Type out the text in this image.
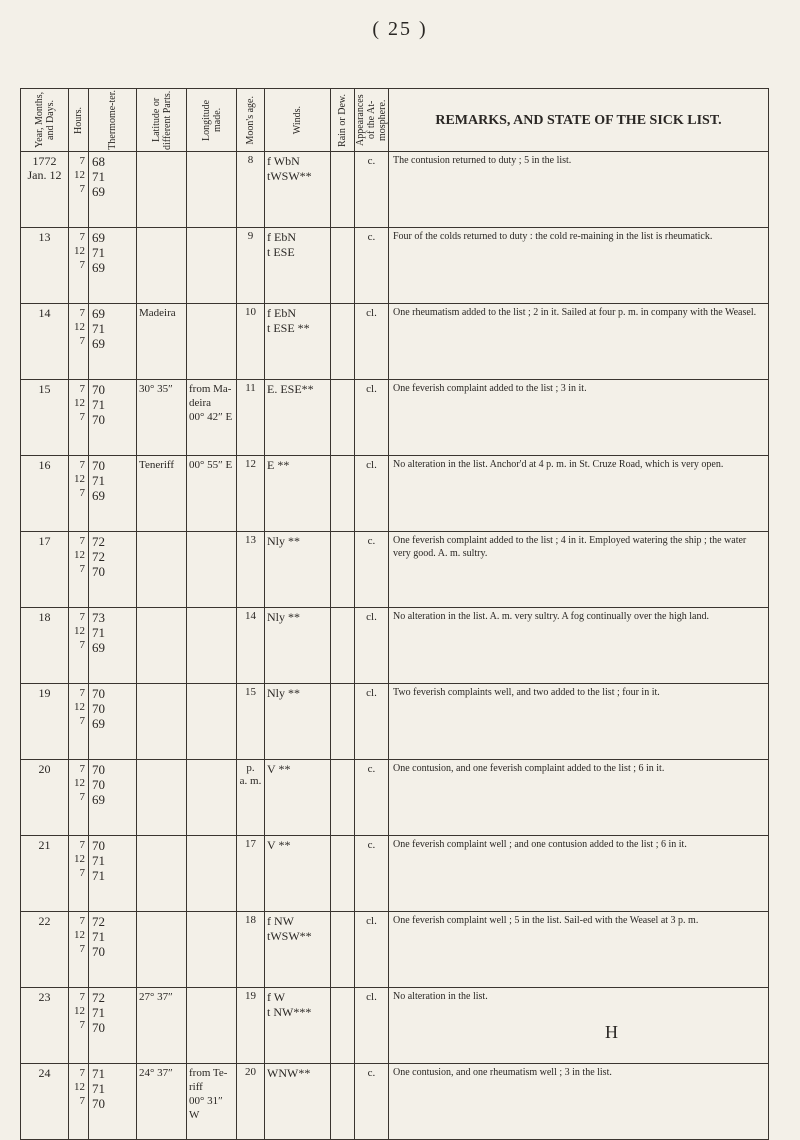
( 25 )
Year, Months, and Days.	Hours.	Thermome-ter.	Latitude or different Parts.	Longitude made.	Moon's age.	Winds.	Rain or Dew.	Appearances of the At-mosphere.	REMARKS, AND STATE OF THE SICK LIST.

1772
Jan. 12	7
12
7	68
71
69			8	f WbN
tWSW**		c.	The contusion returned to duty ; 5 in the list.

13	7
12
7	69
71
69			9	f EbN
t ESE		c.	Four of the colds returned to duty : the cold re-maining in the list is rheumatick.

14	7
12
7	69
71
69	Madeira		10	f EbN
t ESE **		cl.	One rheumatism added to the list ; 2 in it. Sailed at four p. m. in company with the Weasel.

15	7
12
7	70
71
70	30° 35″	from Ma-deira
00° 42″ E	11	E. ESE**		cl.	One feverish complaint added to the list ; 3 in it.

16	7
12
7	70
71
69	Teneriff	00° 55″ E	12	E **		cl.	No alteration in the list. Anchor'd at 4 p. m. in St. Cruze Road, which is very open.

17	7
12
7	72
72
70			13	Nly **		c.	One feverish complaint added to the list ; 4 in it. Employed watering the ship ; the water very good. A. m. sultry.

18	7
12
7	73
71
69			14	Nly **		cl.	No alteration in the list. A. m. very sultry. A fog continually over the high land.

19	7
12
7	70
70
69			15	Nly **		cl.	Two feverish complaints well, and two added to the list ; four in it.

20	7
12
7	70
70
69			p.
a. m.	V **		c.	One contusion, and one feverish complaint added to the list ; 6 in it.

21	7
12
7	70
71
71			17	V **		c.	One feverish complaint well ; and one contusion added to the list ; 6 in it.

22	7
12
7	72
71
70			18	f NW
tWSW**		cl.	One feverish complaint well ; 5 in the list. Sail-ed with the Weasel at 3 p. m.

23	7
12
7	72
71
70	27° 37″		19	f W
t NW***		cl.	No alteration in the list.

24	7
12
7	71
71
70	24° 37″	from Te-riff
00° 31″ W	20	WNW**		c.	One contusion, and one rheumatism well ; 3 in the list.
H
